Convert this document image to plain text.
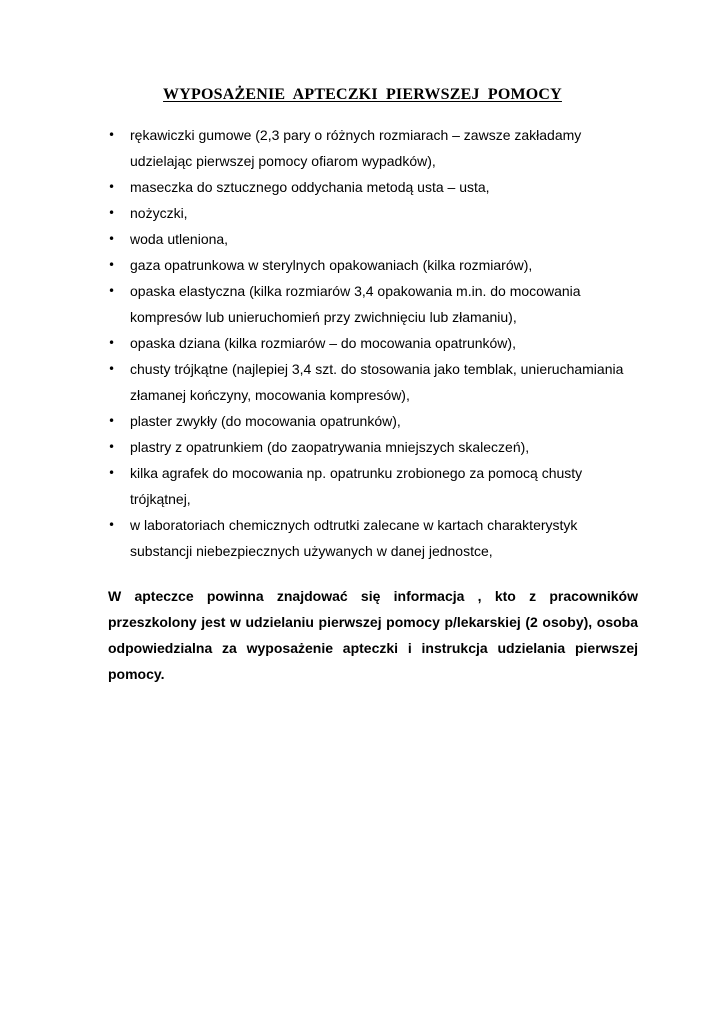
WYPOSAŻENIE APTECZKI PIERWSZEJ POMOCY
•	rękawiczki gumowe (2,3 pary o różnych rozmiarach – zawsze zakładamy udzielając pierwszej pomocy ofiarom wypadków),
•	maseczka do sztucznego oddychania metodą usta – usta,
•	nożyczki,
•	woda utleniona,
•	gaza opatrunkowa w sterylnych opakowaniach (kilka rozmiarów),
•	opaska elastyczna (kilka rozmiarów 3,4 opakowania m.in. do mocowania kompresów lub unieruchomień przy zwichnięciu lub złamaniu),
•	opaska dziana (kilka rozmiarów – do mocowania opatrunków),
•	chusty trójkątne (najlepiej 3,4 szt. do stosowania jako temblak, unieruchamiania złamanej kończyny, mocowania kompresów),
•	plaster zwykły (do mocowania opatrunków),
•	plastry z opatrunkiem (do zaopatrywania mniejszych skaleczeń),
•	kilka agrafek do mocowania np. opatrunku zrobionego za pomocą chusty trójkątnej,
•	w laboratoriach chemicznych odtrutki zalecane w kartach charakterystyk substancji niebezpiecznych używanych w danej jednostce,

W apteczce powinna znajdować się informacja , kto z pracowników przeszkolony jest w udzielaniu pierwszej pomocy p/lekarskiej (2 osoby), osoba odpowiedzialna za wyposażenie apteczki i instrukcja udzielania pierwszej pomocy.
